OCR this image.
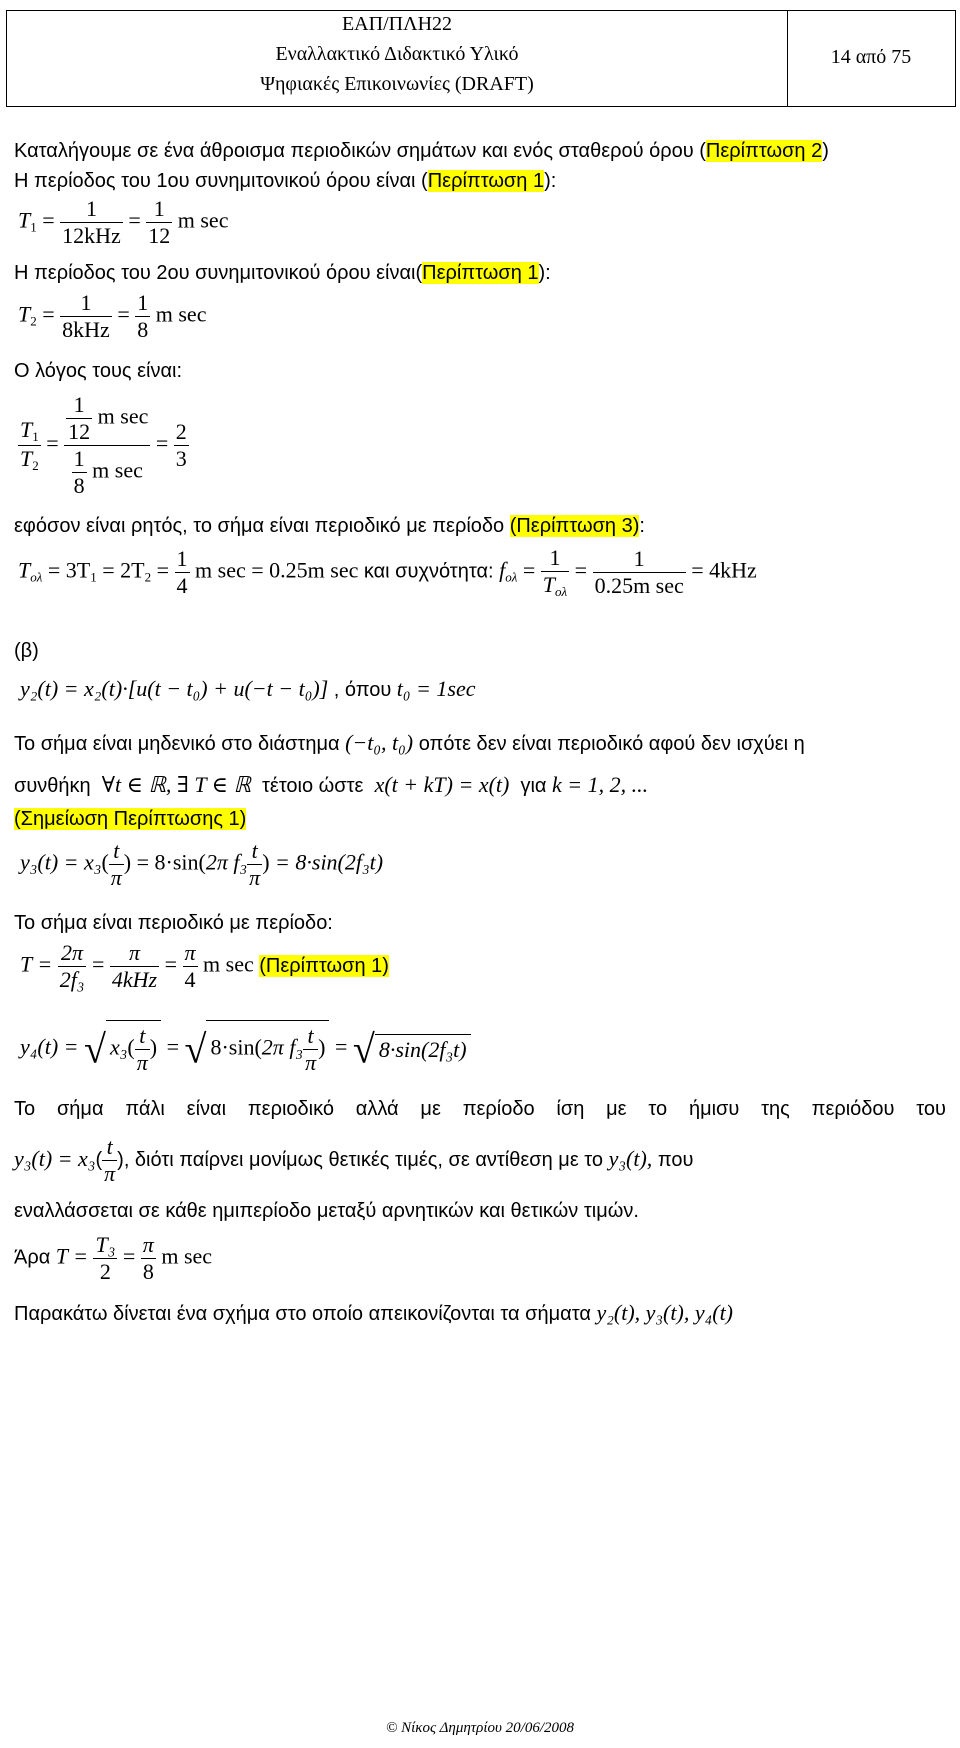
ΕΑΠ/ΠΛΗ22
Εναλλακτικό Διδακτικό Υλικό
Ψηφιακές Επικοινωνίες (DRAFT)
14 από 75
Καταλήγουμε σε ένα άθροισμα περιοδικών σημάτων και ενός σταθερού όρου (Περίπτωση 2)
Η περίοδος του 1ου συνημιτονικού όρου είναι (Περίπτωση 1):
$T_1 = \frac{1}{\text{12kHz}} = \frac{1}{12}$ m sec
Η περίοδος του 2ου συνημιτονικού όρου είναι(Περίπτωση 1):
$T_2 = \frac{1}{\text{8kHz}} = \frac{1}{8}$ m sec
Ο λόγος τους είναι:
$\frac{T_1}{T_2} = \frac{\frac{1}{12} m \sec}{\frac{1}{8} m \sec} = \frac{2}{3}$
εφόσον είναι ρητός, το σήμα είναι περιοδικό με περίοδο (Περίπτωση 3):
$T_{o\lambda} = 3T_1 = 2T_2 = \frac{1}{4}$ m sec = 0.25m sec και συχνότητα: $f_{o\lambda} = \frac{1}{T_{o\lambda}} = \frac{1}{\text{0.25m sec}} = 4kHz$
(β)
y₂(t) = x₂(t)·[u(t − t₀) + u(−t − t₀)] , όπου t₀ = 1sec
Το σήμα είναι μηδενικό στο διάστημα (−t₀, t₀) οπότε δεν είναι περιοδικό αφού δεν ισχύει η
συνθήκη ∀t ∈ ℝ, ∃ T ∈ ℝ τέτοιο ώστε x(t + kT) = x(t) για k = 1, 2, ...
(Σημείωση Περίπτωσης 1)
$y_3(t) = x_3( \frac{t}{\pi}$ ) = 8·sin(2π $f_3 \frac{t}{\pi}$ ) = 8·sin(2f₃t)
Το σήμα είναι περιοδικό με περίοδο:
$T = \frac{2\pi}{\text{2f₃}} = \frac{\pi}{\text{4kHz}} = \frac{\pi}{4}$ m sec (Περίπτωση 1)
y₄(t) = √ $x_3( \frac{t}{\pi}$ ) = √ 8·sin(2π $f_3 \frac{t}{\pi}$ ) = √ 8·sin(2f₃t)
Το σήμα πάλι είναι περιοδικό αλλά με περίοδο ίση με το ήμισυ της περιόδου του
$y_3(t) = x_3( \frac{t}{\pi}$ ), διότι παίρνει μονίμως θετικές τιμές, σε αντίθεση με το y₃(t), που
εναλλάσσεται σε κάθε ημιπερίοδο μεταξύ αρνητικών και θετικών τιμών.
Άρα $T = \frac{\text{T₃}}{2} = \frac{\pi}{8}$ m sec
Παρακάτω δίνεται ένα σχήμα στο οποίο απεικονίζονται τα σήματα y₂(t), y₃(t), y₄(t)
© Νίκος Δημητρίου 20/06/2008
